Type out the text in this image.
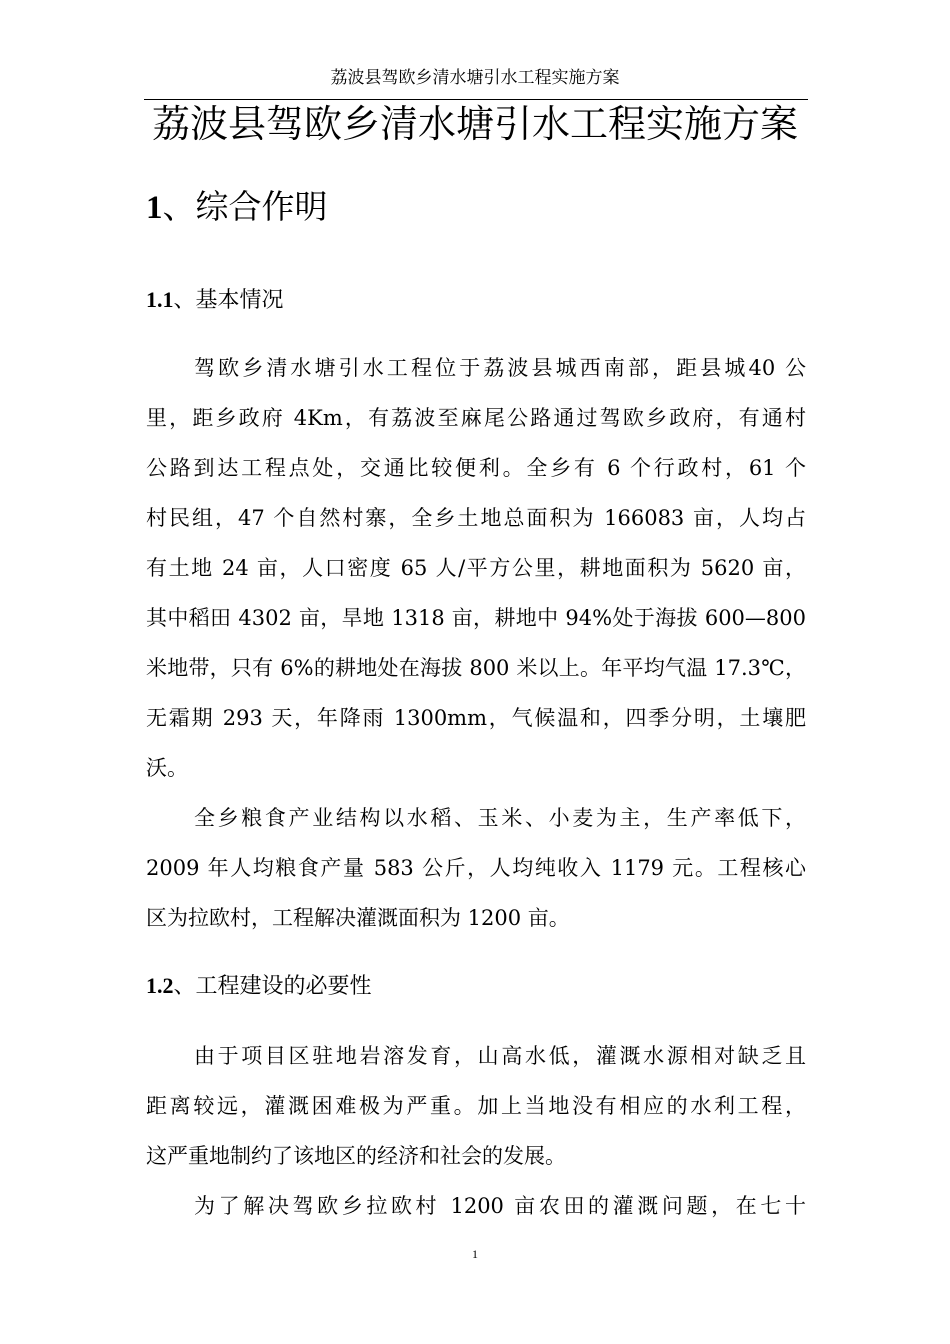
荔波县驾欧乡清水塘引水工程实施方案
荔波县驾欧乡清水塘引水工程实施方案
1、综合作明
1.1、基本情况
驾欧乡清水塘引水工程位于荔波县城西南部，距县城40 公
里，距乡政府 4Km，有荔波至麻尾公路通过驾欧乡政府，有通村
公路到达工程点处，交通比较便利。全乡有 6 个行政村，61 个
村民组，47 个自然村寨，全乡土地总面积为 166083 亩，人均占
有土地 24 亩，人口密度 65 人/平方公里，耕地面积为 5620 亩，
其中稻田 4302 亩，旱地 1318 亩，耕地中 94%处于海拔 600—800
米地带，只有 6%的耕地处在海拔 800 米以上。年平均气温 17.3℃，
无霜期 293 天，年降雨 1300mm，气候温和，四季分明，土壤肥
沃。
全乡粮食产业结构以水稻、玉米、小麦为主，生产率低下，
2009 年人均粮食产量 583 公斤，人均纯收入 1179 元。工程核心
区为拉欧村，工程解决灌溉面积为 1200 亩。
1.2、工程建设的必要性
由于项目区驻地岩溶发育，山高水低，灌溉水源相对缺乏且
距离较远，灌溉困难极为严重。加上当地没有相应的水利工程，
这严重地制约了该地区的经济和社会的发展。
为了解决驾欧乡拉欧村 1200 亩农田的灌溉问题，在七十
1
